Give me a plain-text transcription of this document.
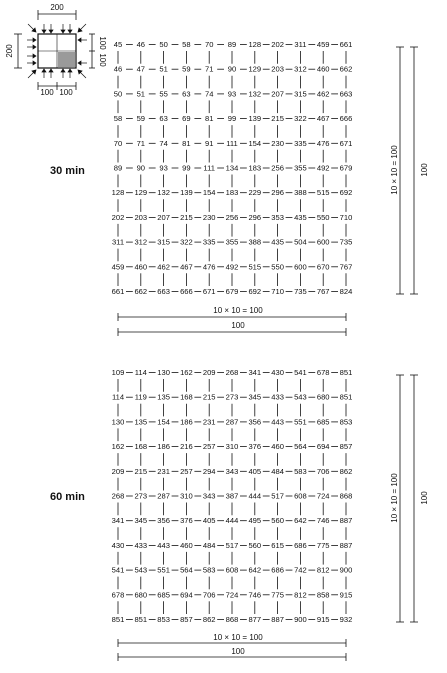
200
200
100
100
100 100
30 min
45 46 50 58 70 89 128 202 311 459 661
46 47 51 59 71 90 129 203 312 460 662
50 51 55 63 74 93 132 207 315 462 663
58 59 63 69 81 99 139 215 322 467 666
70 71 74 81 91 111 154 230 335 476 671
89 90 93 99 111 134 183 256 355 492 679
128 129 132 139 154 183 229 296 388 515 692
202 203 207 215 230 256 296 353 435 550 710
311 312 315 322 335 355 388 435 504 600 735
459 460 462 467 476 492 515 550 600 670 767
661 662 663 666 671 679 692 710 735 767 824
10 × 10 = 100
100
10 × 10 = 100	100
60 min
109 114 130 162 209 268 341 430 541 678 851
114 119 135 168 215 273 345 433 543 680 851
130 135 154 186 231 287 356 443 551 685 853
162 168 186 216 257 310 376 460 564 694 857
209 215 231 257 294 343 405 484 583 706 862
268 273 287 310 343 387 444 517 608 724 868
341 345 356 376 405 444 495 560 642 746 887
430 433 443 460 484 517 560 615 686 775 887
541 543 551 564 583 608 642 686 742 812 900
678 680 685 694 706 724 746 775 812 858 915
851 851 853 857 862 868 877 887 900 915 932
10 × 10 = 100
100
10 × 10 = 100	100
